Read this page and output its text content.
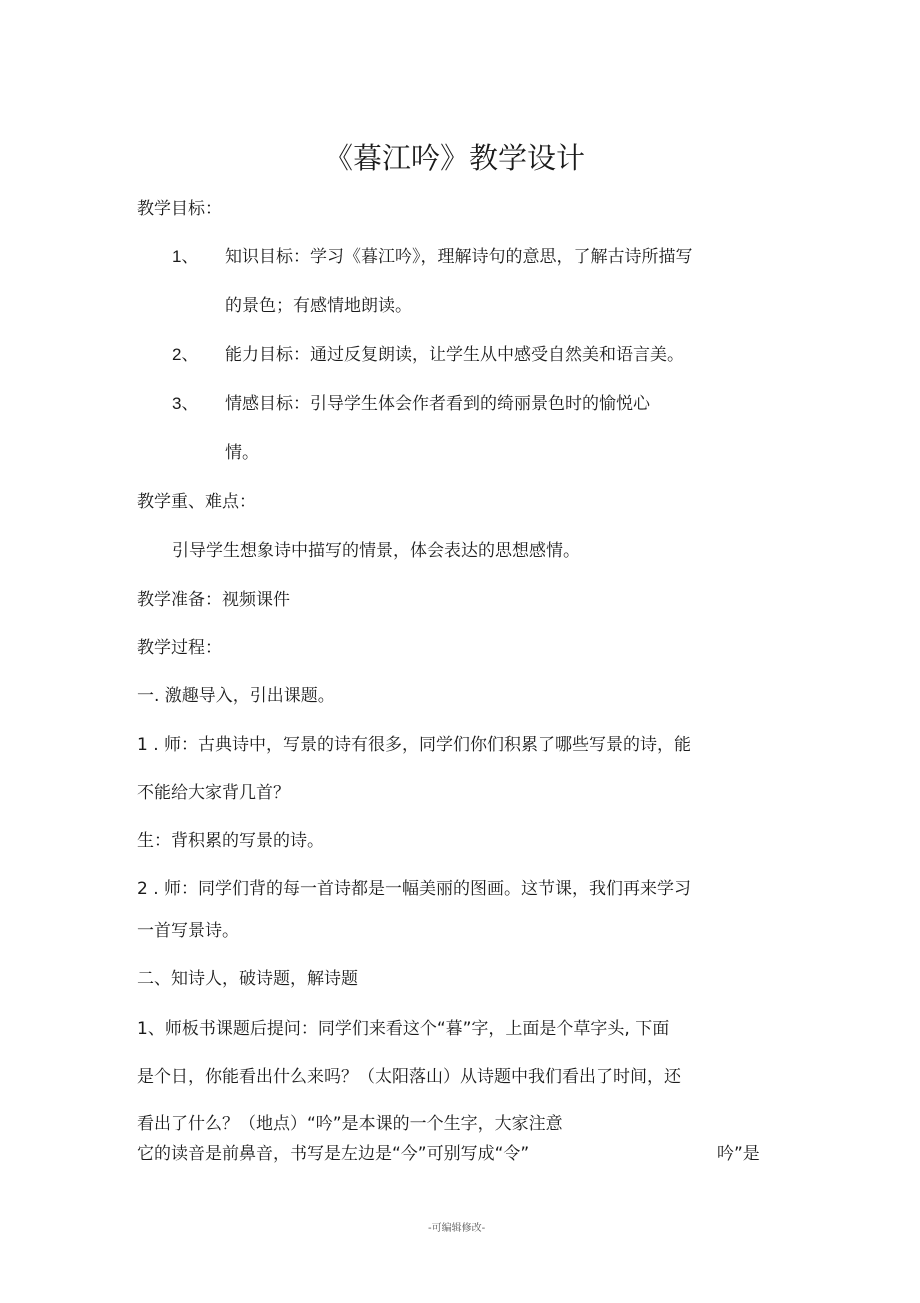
《暮江吟》教学设计
教学目标：
1、 知识目标：学习《暮江吟》，理解诗句的意思，了解古诗所描写
的景色；有感情地朗读。
2、 能力目标：通过反复朗读，让学生从中感受自然美和语言美。
3、 情感目标：引导学生体会作者看到的绮丽景色时的愉悦心
情。
教学重、难点：
引导学生想象诗中描写的情景，体会表达的思想感情。
教学准备：视频课件
教学过程：
一. 激趣导入，引出课题。
1 . 师：古典诗中，写景的诗有很多，同学们你们积累了哪些写景的诗，能
不能给大家背几首？
生：背积累的写景的诗。
2 . 师：同学们背的每一首诗都是一幅美丽的图画。这节课，我们再来学习
一首写景诗。
二、知诗人，破诗题，解诗题
1、师板书课题后提问：同学们来看这个“暮”字，上面是个草字头, 下面
是个日，你能看出什么来吗？（太阳落山）从诗题中我们看出了时间，还
看出了什么？（地点）“吟”是本课的一个生字，大家注意
它的读音是前鼻音，书写是左边是“今”可别写成“令”	吟”是
-可编辑修改-
